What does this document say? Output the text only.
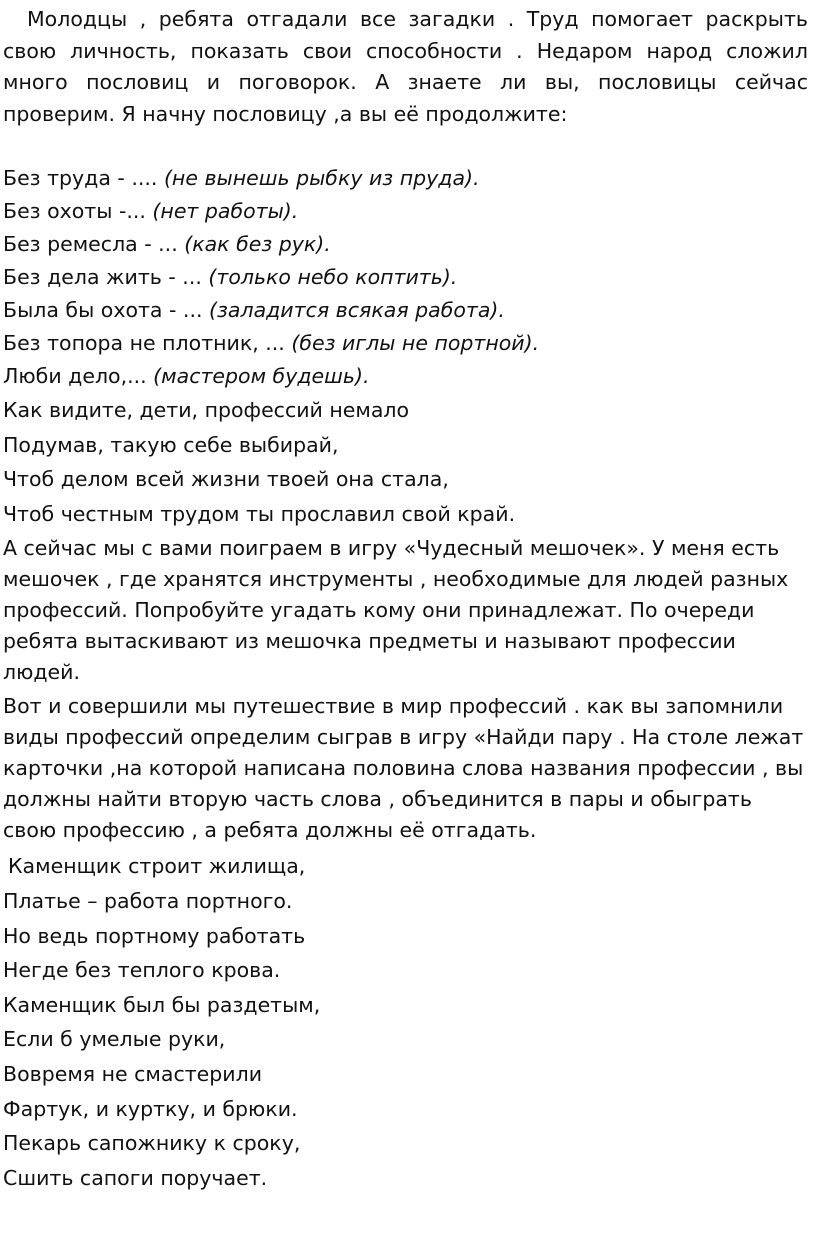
Молодцы , ребята отгадали все загадки . Труд помогает раскрыть свою личность, показать свои способности . Недаром народ сложил много пословиц и поговорок. А знаете ли вы, пословицы сейчас проверим. Я начну пословицу ,а вы её продолжите:

Без труда - .... (не вынешь рыбку из пруда).
Без охоты -... (нет работы).
Без ремесла - ... (как без рук).
Без дела жить - ... (только небо коптить).
Была бы охота - ... (заладится всякая работа).
Без топора не плотник, ... (без иглы не портной).
Люби дело,... (мастером будешь).
Как видите, дети, профессий немало
Подумав, такую себе выбирай,
Чтоб делом всей жизни твоей она стала,
Чтоб честным трудом ты прославил свой край.
А сейчас мы с вами поиграем в игру «Чудесный мешочек». У меня есть мешочек , где хранятся инструменты , необходимые для людей разных профессий. Попробуйте угадать кому они принадлежат. По очереди ребята вытаскивают из мешочка предметы и называют профессии людей.
Вот и совершили мы путешествие в мир профессий . как вы запомнили виды профессий определим сыграв в игру «Найди пару . На столе лежат карточки ,на которой написана половина слова названия профессии , вы должны найти вторую часть слова , объединится в пары и обыграть свою профессию , а ребята должны её отгадать.
Каменщик строит жилища,
Платье – работа портного.
Но ведь портному работать
Негде без теплого крова.
Каменщик был бы раздетым,
Если б умелые руки,
Вовремя не смастерили
Фартук, и куртку, и брюки.
Пекарь сапожнику к сроку,
Сшить сапоги поручает.
